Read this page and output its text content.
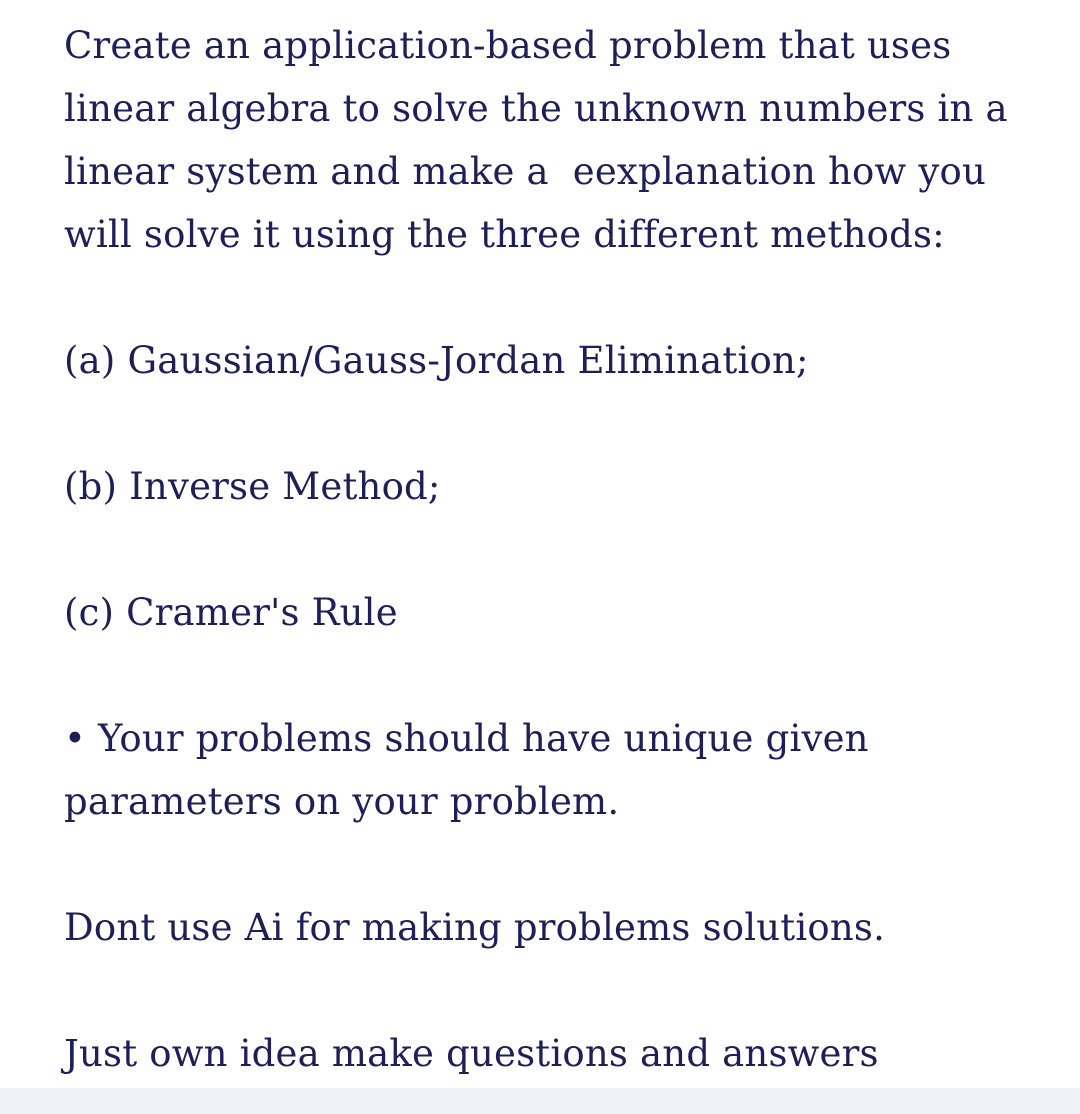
Create an application-based problem that uses linear algebra to solve the unknown numbers in a linear system and make a  eexplanation how you will solve it using the three different methods:

(a) Gaussian/Gauss-Jordan Elimination;

(b) Inverse Method;

(c) Cramer's Rule

• Your problems should have unique given parameters on your problem.

Dont use Ai for making problems solutions.

Just own idea make questions and answers
